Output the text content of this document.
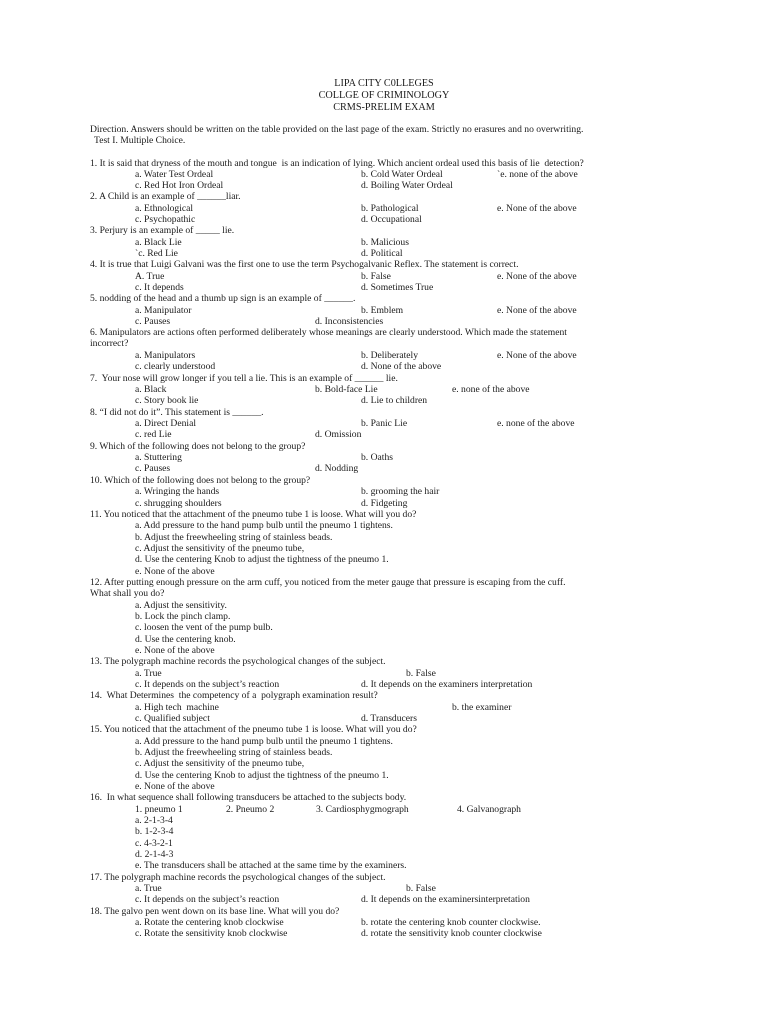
LIPA CITY C0LLEGES
COLLGE OF CRIMINOLOGY
CRMS-PRELIM EXAM
Direction. Answers should be written on the table provided on the last page of the exam. Strictly no erasures and no overwriting.
Test I. Multiple Choice.
1. It is said that dryness of the mouth and tongue  is an indication of lying. Which ancient ordeal used this basis of lie  detection?
a. Water Test Ordeal	b. Cold Water Ordeal	`e. none of the above
c. Red Hot Iron Ordeal	d. Boiling Water Ordeal
2. A Child is an example of ______liar.
a. Ethnological	b. Pathological	e. None of the above
c. Psychopathic	d. Occupational
3. Perjury is an example of _____ lie.
a. Black Lie	b. Malicious
`c. Red Lie	d. Political
4. It is true that Luigi Galvani was the first one to use the term Psychogalvanic Reflex. The statement is correct.
A. True	b. False	e. None of the above
c. It depends	d. Sometimes True
5. nodding of the head and a thumb up sign is an example of ______.
a. Manipulator	b. Emblem	e. None of the above
c. Pauses	d. Inconsistencies
6. Manipulators are actions often performed deliberately whose meanings are clearly understood. Which made the statement
incorrect?
a. Manipulators	b. Deliberately	e. None of the above
c. clearly understood	d. None of the above
7.  Your nose will grow longer if you tell a lie. This is an example of ______ lie.
a. Black	b. Bold-face Lie	e. none of the above
c. Story book lie	d. Lie to children
8. “I did not do it”. This statement is ______.
a. Direct Denial	b. Panic Lie	e. none of the above
c. red Lie	d. Omission
9. Which of the following does not belong to the group?
a. Stuttering	b. Oaths
c. Pauses	d. Nodding
10. Which of the following does not belong to the group?
a. Wringing the hands	b. grooming the hair
c. shrugging shoulders	d. Fidgeting
11. You noticed that the attachment of the pneumo tube 1 is loose. What will you do?
a. Add pressure to the hand pump bulb until the pneumo 1 tightens.
b. Adjust the freewheeling string of stainless beads.
c. Adjust the sensitivity of the pneumo tube,
d. Use the centering Knob to adjust the tightness of the pneumo 1.
e. None of the above
12. After putting enough pressure on the arm cuff, you noticed from the meter gauge that pressure is escaping from the cuff.
What shall you do?
a. Adjust the sensitivity.
b. Lock the pinch clamp.
c. loosen the vent of the pump bulb.
d. Use the centering knob.
e. None of the above
13. The polygraph machine records the psychological changes of the subject.
a. True	b. False
c. It depends on the subject’s reaction	d. It depends on the examiners interpretation
14.  What Determines  the competency of a  polygraph examination result?
a. High tech  machine	b. the examiner
c. Qualified subject	d. Transducers
15. You noticed that the attachment of the pneumo tube 1 is loose. What will you do?
a. Add pressure to the hand pump bulb until the pneumo 1 tightens.
b. Adjust the freewheeling string of stainless beads.
c. Adjust the sensitivity of the pneumo tube,
d. Use the centering Knob to adjust the tightness of the pneumo 1.
e. None of the above
16.  In what sequence shall following transducers be attached to the subjects body.
1. pneumo 1	2. Pneumo 2	3. Cardiosphygmograph	4. Galvanograph
a. 2-1-3-4
b. 1-2-3-4
c. 4-3-2-1
d. 2-1-4-3
e. The transducers shall be attached at the same time by the examiners.
17. The polygraph machine records the psychological changes of the subject.
a. True	b. False
c. It depends on the subject’s reaction	d. It depends on the examinersinterpretation
18. The galvo pen went down on its base line. What will you do?
a. Rotate the centering knob clockwise	b. rotate the centering knob counter clockwise.
c. Rotate the sensitivity knob clockwise	d. rotate the sensitivity knob counter clockwise
